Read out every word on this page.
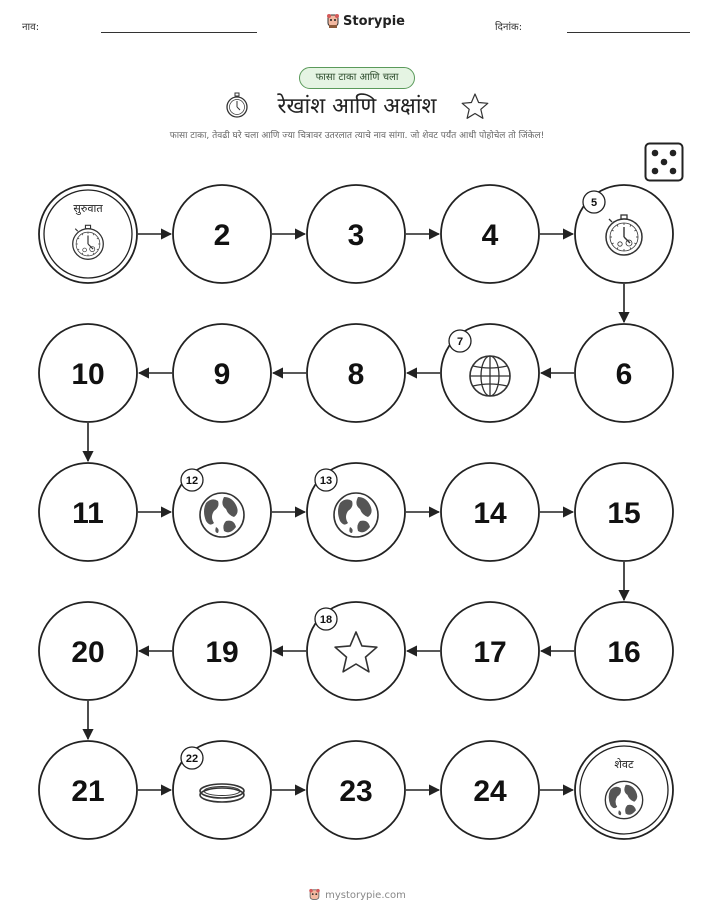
नाव:	Storypie	दिनांक:
फासा टाका आणि चला
रेखांश आणि अक्षांश
फासा टाका, तेवढी घरे चला आणि ज्या चित्रावर उतरलात त्याचे नाव सांगा. जो शेवट पर्यंत आधी पोहोचेल तो जिंकेल!
सुरुवात
2	3	4
5
6
7
8
9
10
11
12	13
14	15
16
17
18
19
20
21
22
23	24
शेवट
mystorypie.com
